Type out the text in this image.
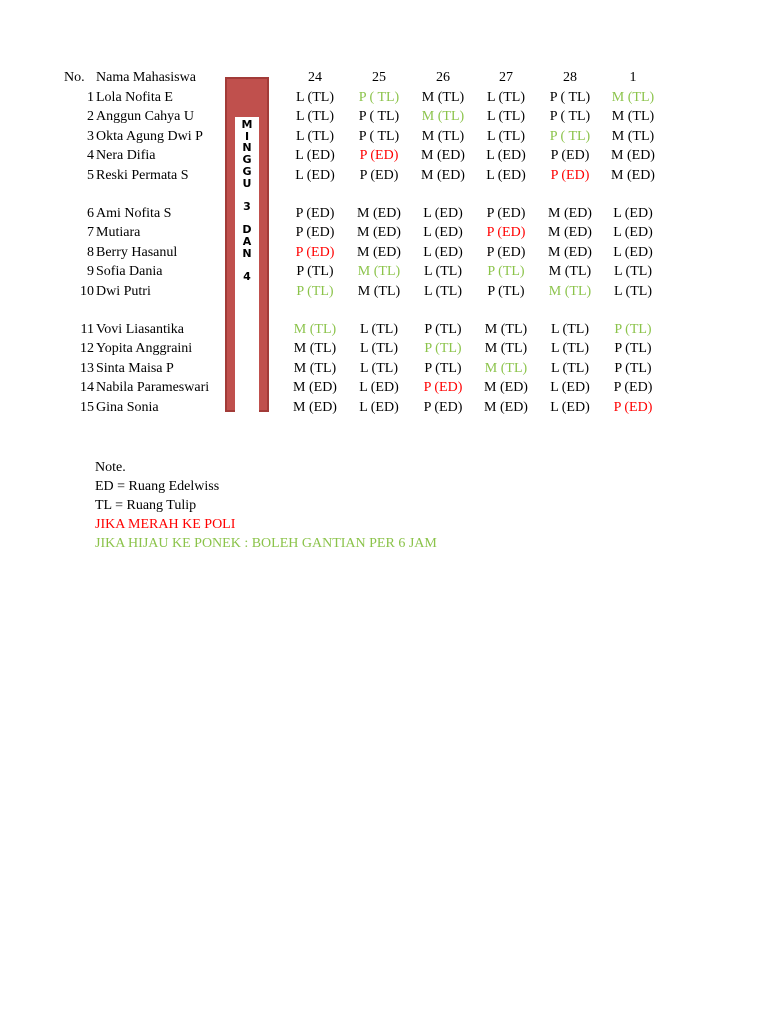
No. Nama Mahasiswa	24	25	26	27	28	1
M
I
N
G
G
U

3

D
A
N

4
1 Lola Nofita E	L (TL)	P ( TL)	M (TL)	L (TL)	P ( TL)	M (TL)
2 Anggun Cahya U	L (TL)	P ( TL)	M (TL)	L (TL)	P ( TL)	M (TL)
3 Okta Agung Dwi P	L (TL)	P ( TL)	M (TL)	L (TL)	P ( TL)	M (TL)
4 Nera Difia	L (ED)	P (ED)	M (ED)	L (ED)	P (ED)	M (ED)
5 Reski Permata S	L (ED)	P (ED)	M (ED)	L (ED)	P (ED)	M (ED)
6 Ami Nofita S	P (ED)	M (ED)	L (ED)	P (ED)	M (ED)	L (ED)
7 Mutiara	P (ED)	M (ED)	L (ED)	P (ED)	M (ED)	L (ED)
8 Berry Hasanul	P (ED)	M (ED)	L (ED)	P (ED)	M (ED)	L (ED)
9 Sofia Dania	P (TL)	M (TL)	L (TL)	P (TL)	M (TL)	L (TL)
10 Dwi Putri	P (TL)	M (TL)	L (TL)	P (TL)	M (TL)	L (TL)
11 Vovi Liasantika	M (TL)	L (TL)	P (TL)	M (TL)	L (TL)	P (TL)
12 Yopita Anggraini	M (TL)	L (TL)	P (TL)	M (TL)	L (TL)	P (TL)
13 Sinta Maisa P	M (TL)	L (TL)	P (TL)	M (TL)	L (TL)	P (TL)
14 Nabila Parameswari	M (ED)	L (ED)	P (ED)	M (ED)	L (ED)	P (ED)
15 Gina Sonia	M (ED)	L (ED)	P (ED)	M (ED)	L (ED)	P (ED)
Note.
ED = Ruang Edelwiss
TL = Ruang Tulip
JIKA MERAH KE POLI
JIKA HIJAU KE PONEK : BOLEH GANTIAN PER 6 JAM
